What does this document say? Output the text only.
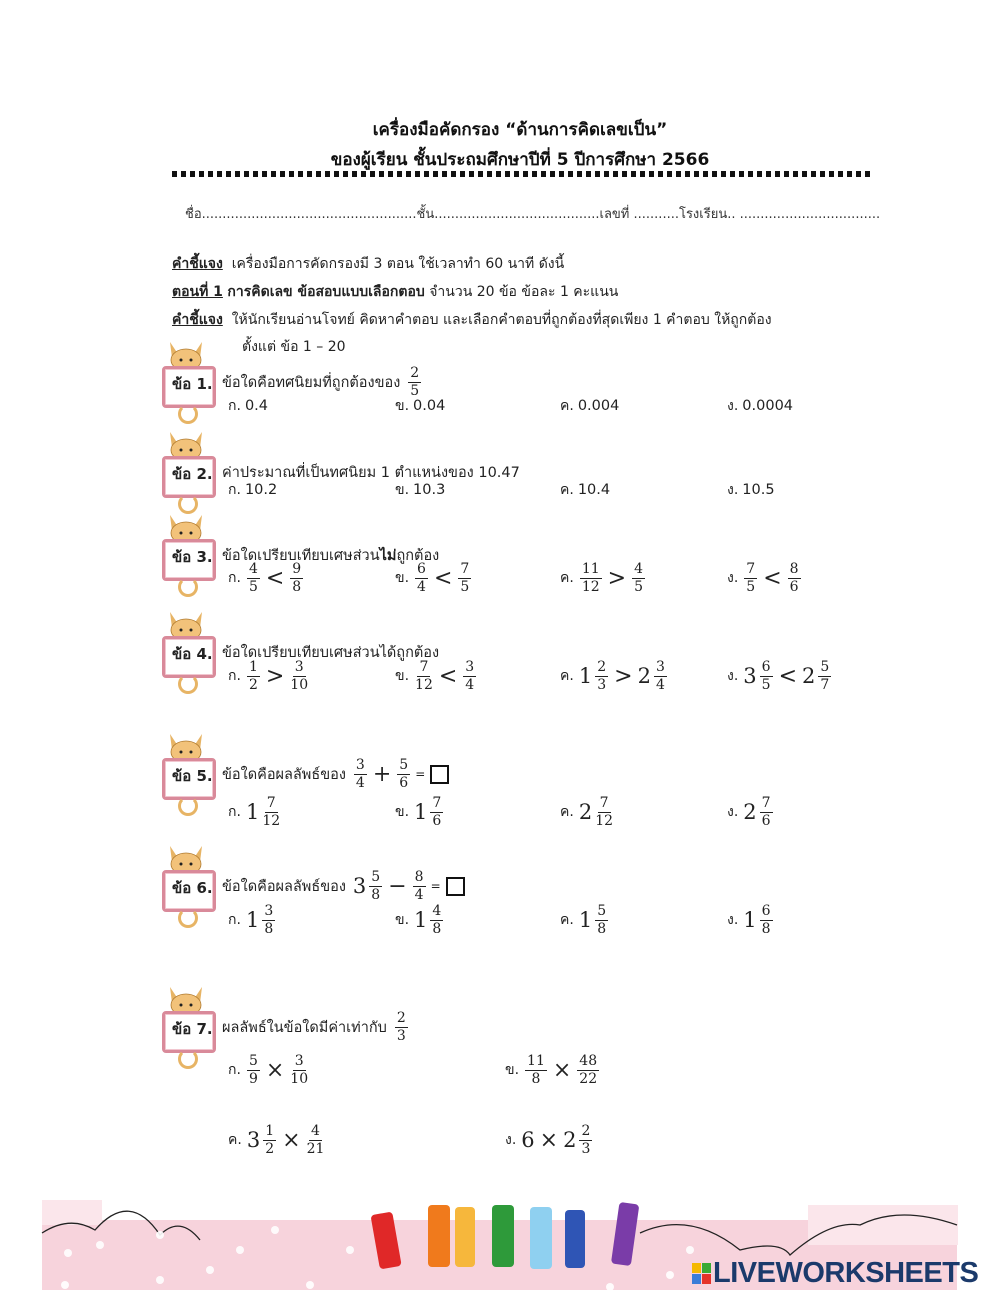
เครื่องมือคัดกรอง “ด้านการคิดเลขเป็น”
ของผู้เรียน ชั้นประถมศึกษาปีที่ 5 ปีการศึกษา 2566
ชื่อ....................................................ชั้น........................................เลขที่ ...........โรงเรียน.. ..................................
คำชี้แจง เครื่องมือการคัดกรองมี 3 ตอน ใช้เวลาทำ 60 นาที ดังนี้
ตอนที่ 1 การคิดเลข ข้อสอบแบบเลือกตอบ จำนวน 20 ข้อ ข้อละ 1 คะแนน
คำชี้แจง ให้นักเรียนอ่านโจทย์ คิดหาคำตอบ และเลือกคำตอบที่ถูกต้องที่สุดเพียง 1 คำตอบ ให้ถูกต้อง
ตั้งแต่ ข้อ 1 – 20
ข้อ 1. ข้อใดคือทศนิยมที่ถูกต้องของ $\frac{2}{5}$
ก. 0.4	ข. 0.04	ค. 0.004	ง. 0.0004
ข้อ 2. ค่าประมาณที่เป็นทศนิยม 1 ตำแหน่งของ 10.47
ก. 10.2	ข. 10.3	ค. 10.4	ง. 10.5
ข้อ 3. ข้อใดเปรียบเทียบเศษส่วน ไม่ ถูกต้อง
ก. $\frac{4}{5} < \frac{9}{8}$	ข. $\frac{6}{4} < \frac{7}{5}$	ค. $\frac{11}{12} > \frac{4}{5}$	ง. $\frac{7}{5} < \frac{8}{6}$
ข้อ 4. ข้อใดเปรียบเทียบเศษส่วนได้ถูกต้อง
ก. $\frac{1}{2} > \frac{3}{10}$	ข. $\frac{7}{12} < \frac{3}{4}$	ค. $1 \frac{2}{3} > 2 \frac{3}{4}$	ง. $3 \frac{6}{5} < 2 \frac{5}{7}$
ข้อ 5. ข้อใดคือผลลัพธ์ของ $\frac{3}{4} + \frac{5}{6}$ =
ก. $1 \frac{7}{12}$	ข. $1 \frac{7}{6}$	ค. $2 \frac{7}{12}$	ง. $2 \frac{7}{6}$
ข้อ 6. ข้อใดคือผลลัพธ์ของ $3 \frac{5}{8} - \frac{8}{4}$ =
ก. $1 \frac{3}{8}$	ข. $1 \frac{4}{8}$	ค. $1 \frac{5}{8}$	ง. $1 \frac{6}{8}$
ข้อ 7. ผลลัพธ์ในข้อใดมีค่าเท่ากับ $\frac{2}{3}$
ก. $\frac{5}{9} \times \frac{3}{10}$	ข. $\frac{11}{8} \times \frac{48}{22}$
ค. $3 \frac{1}{2} \times \frac{4}{21}$	ง. $6 \times 2 \frac{2}{3}$
LIVEWORKSHEETS
